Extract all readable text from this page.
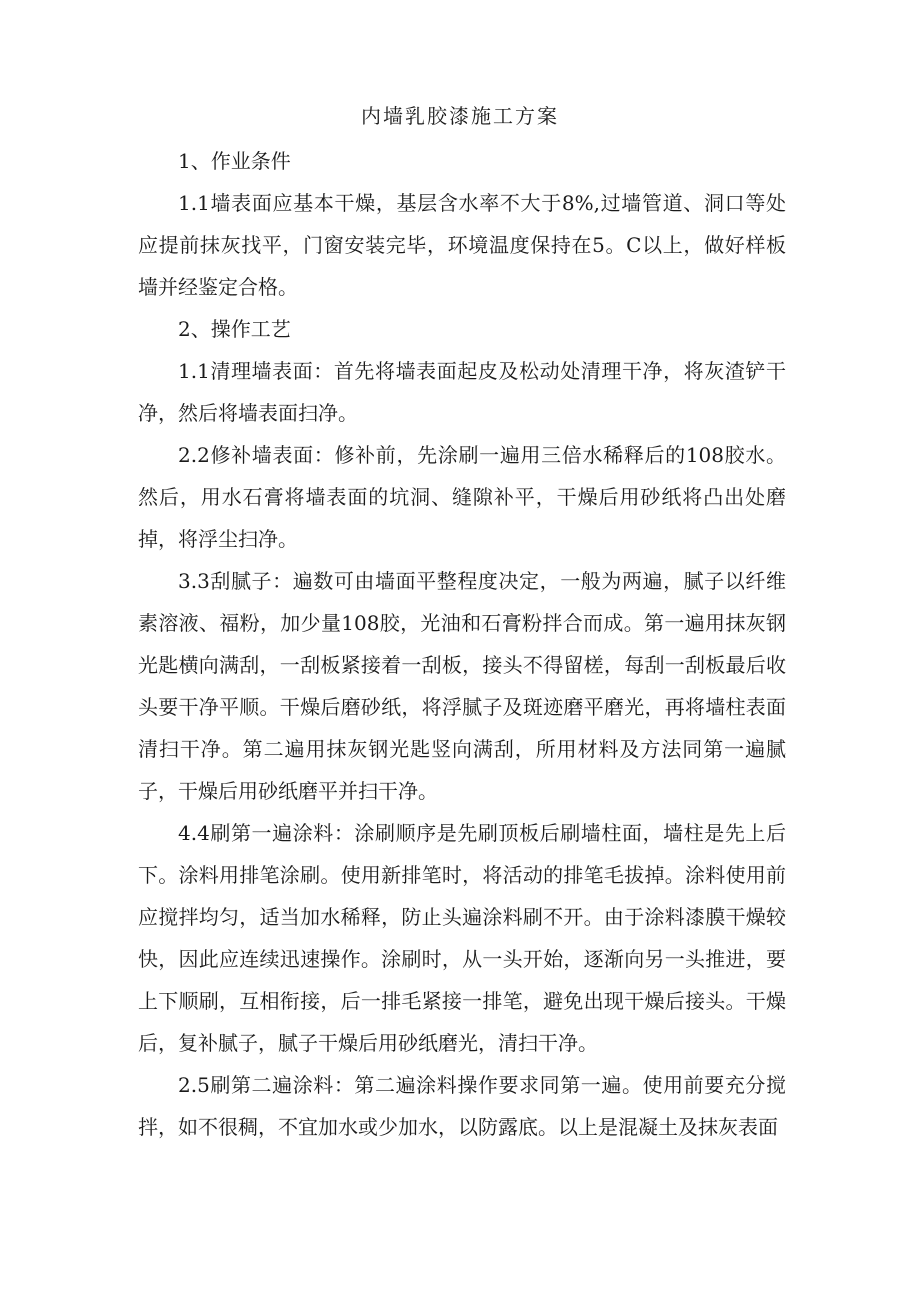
内墙乳胶漆施工方案

1、作业条件

1.1墙表面应基本干燥，基层含水率不大于8%,过墙管道、洞口等处应提前抹灰找平，门窗安装完毕，环境温度保持在5。C以上，做好样板墙并经鉴定合格。

2、操作工艺

1.1清理墙表面：首先将墙表面起皮及松动处清理干净，将灰渣铲干净，然后将墙表面扫净。

2.2修补墙表面：修补前，先涂刷一遍用三倍水稀释后的108胶水。然后，用水石膏将墙表面的坑洞、缝隙补平，干燥后用砂纸将凸出处磨掉，将浮尘扫净。

3.3刮腻子：遍数可由墙面平整程度决定，一般为两遍，腻子以纤维素溶液、福粉，加少量108胶，光油和石膏粉拌合而成。第一遍用抹灰钢光匙横向满刮，一刮板紧接着一刮板，接头不得留槎，每刮一刮板最后收头要干净平顺。干燥后磨砂纸，将浮腻子及斑迹磨平磨光，再将墙柱表面清扫干净。第二遍用抹灰钢光匙竖向满刮，所用材料及方法同第一遍腻子，干燥后用砂纸磨平并扫干净。

4.4刷第一遍涂料：涂刷顺序是先刷顶板后刷墙柱面，墙柱是先上后下。涂料用排笔涂刷。使用新排笔时，将活动的排笔毛拔掉。涂料使用前应搅拌均匀，适当加水稀释，防止头遍涂料刷不开。由于涂料漆膜干燥较快，因此应连续迅速操作。涂刷时，从一头开始，逐渐向另一头推进，要上下顺刷，互相衔接，后一排毛紧接一排笔，避免出现干燥后接头。干燥后，复补腻子，腻子干燥后用砂纸磨光，清扫干净。

2.5刷第二遍涂料：第二遍涂料操作要求同第一遍。使用前要充分搅拌，如不很稠，不宜加水或少加水，以防露底。以上是混凝土及抹灰表面
